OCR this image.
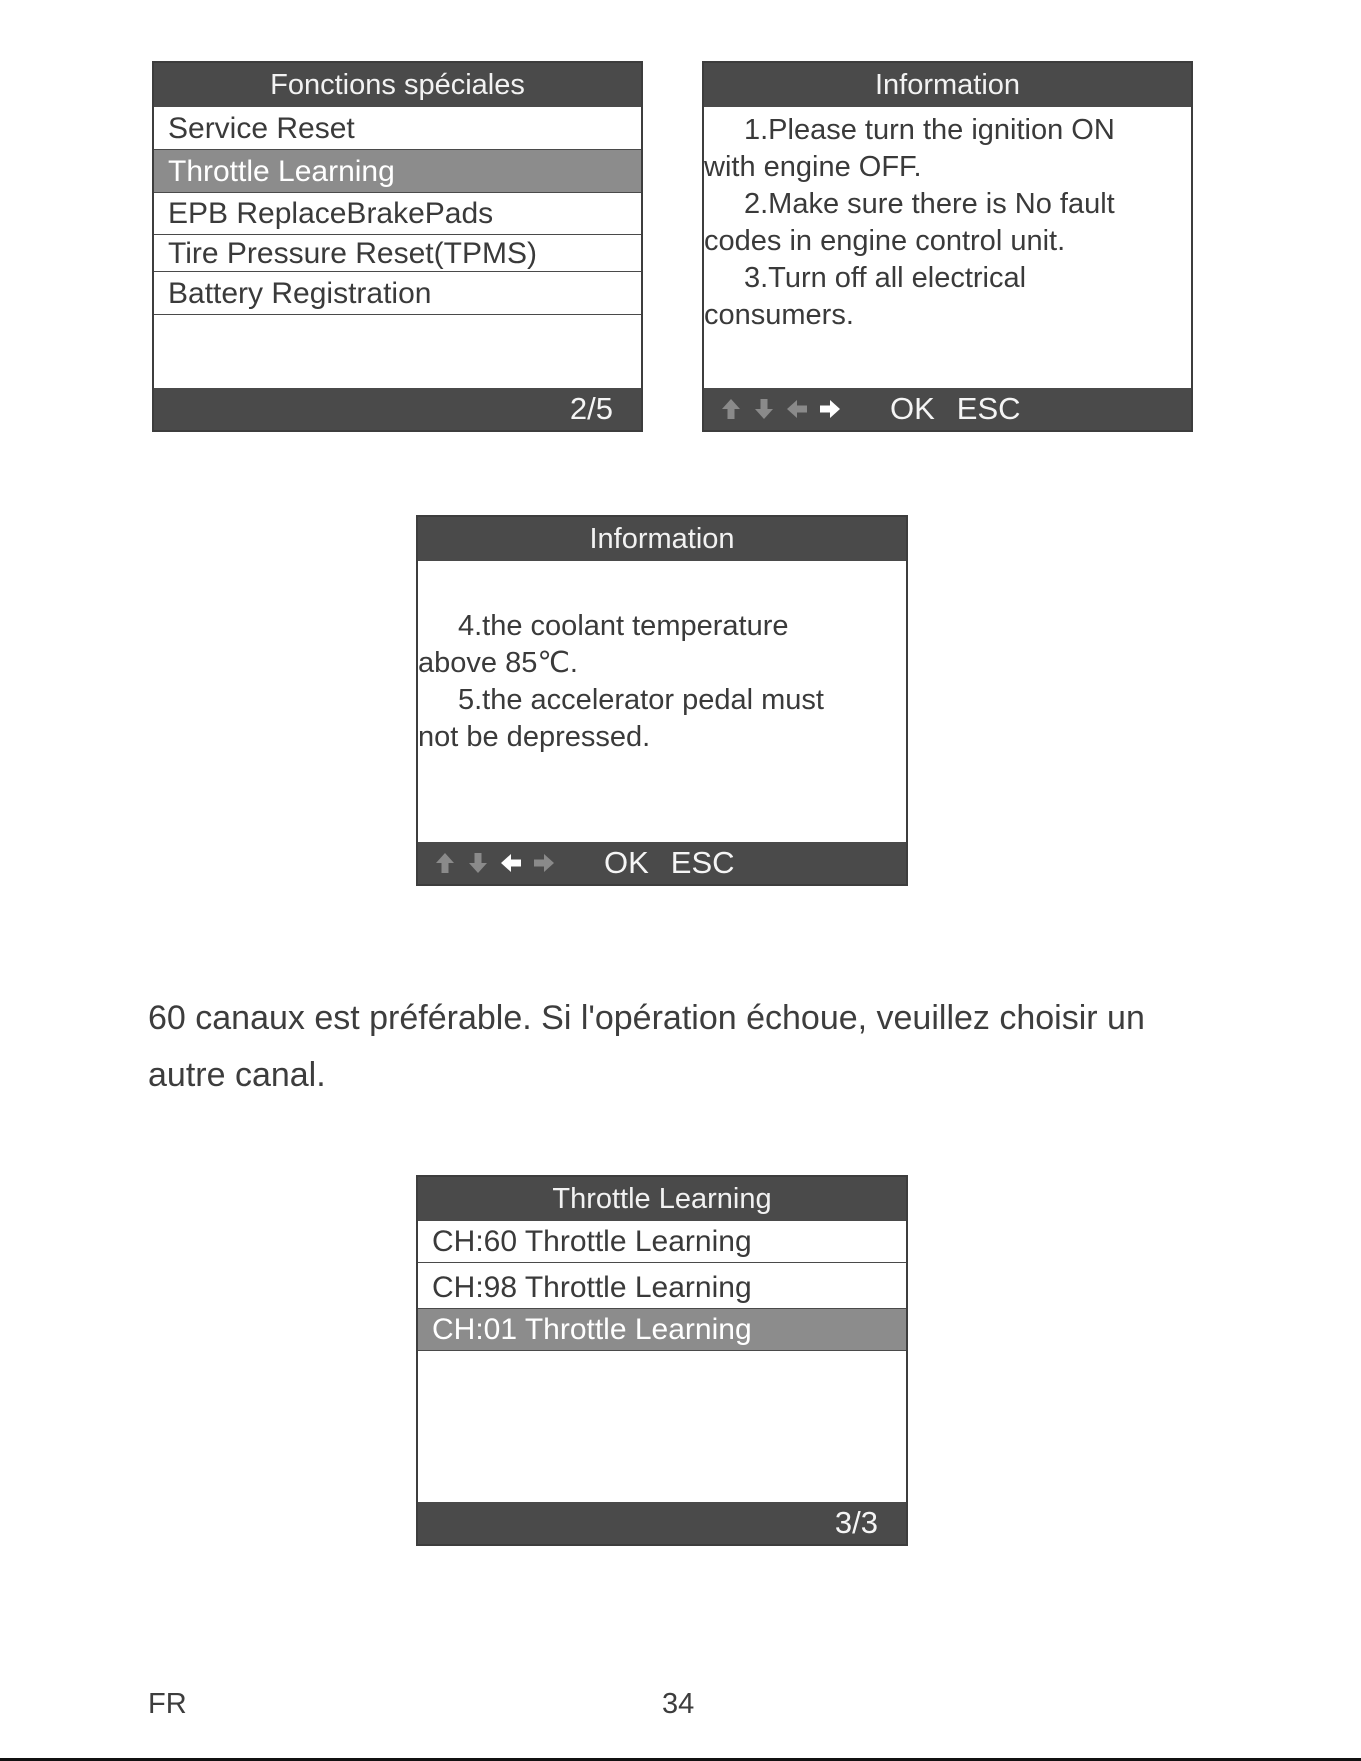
Fonctions spéciales
Service Reset
Throttle Learning
EPB ReplaceBrakePads
Tire Pressure Reset(TPMS)
Battery Registration
2/5
Information

1.Please turn the ignition ON
with engine OFF.

2.Make sure there is No fault
codes in engine control unit.

3.Turn off all electrical
consumers.

OK ESC
Information

4.the coolant temperature
above 85℃.

5.the accelerator pedal must
not be depressed.

OK ESC
60 canaux est préférable. Si l'opération échoue, veuillez choisir un autre canal.
Throttle Learning
CH:60 Throttle Learning
CH:98 Throttle Learning
CH:01 Throttle Learning
3/3
FR	34
